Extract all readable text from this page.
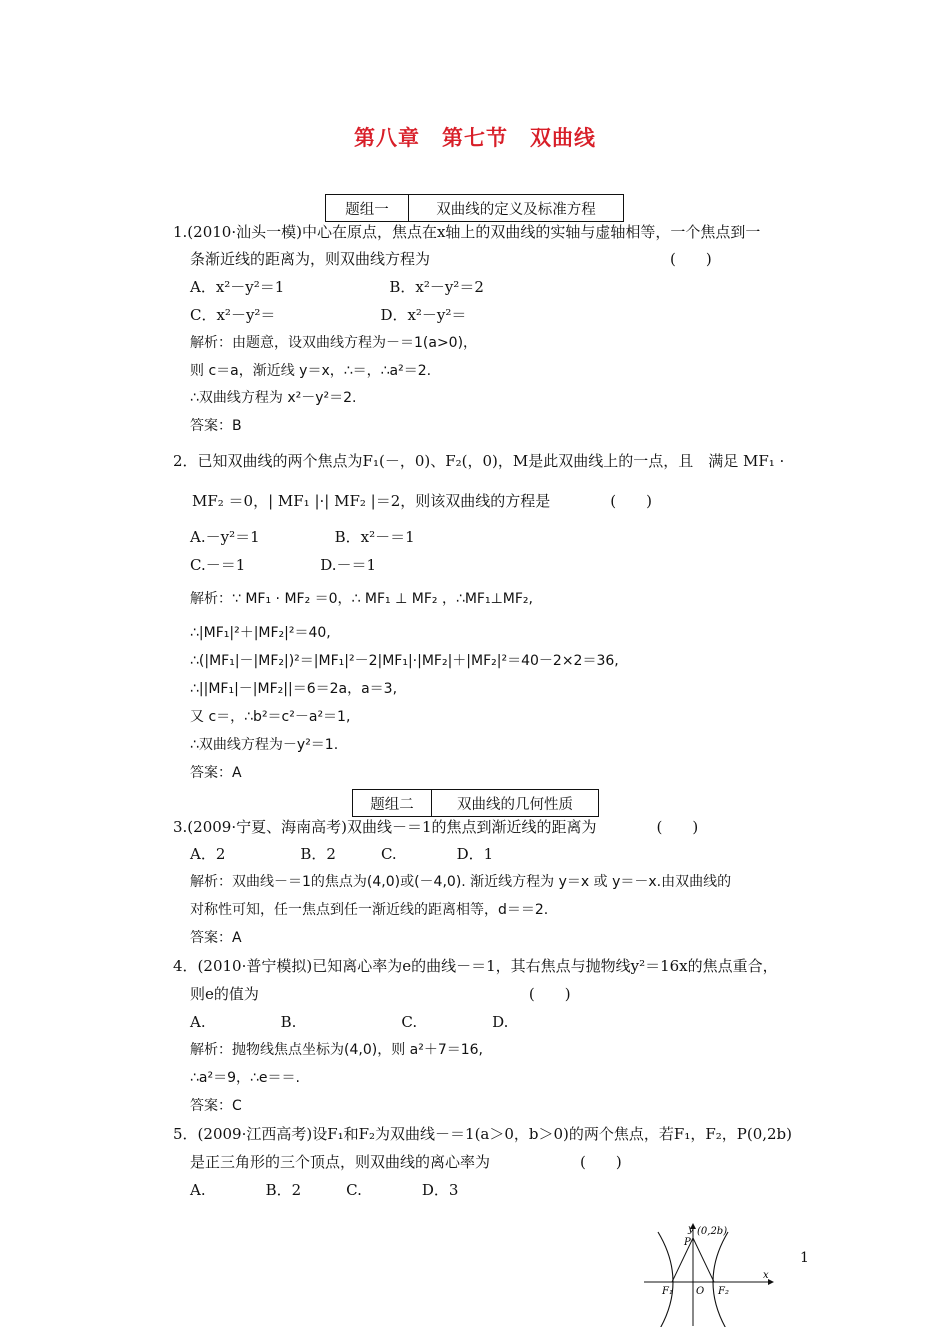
第八章　第七节　双曲线
题组一	双曲线的定义及标准方程
题组二	双曲线的几何性质
1.(2010·汕头一模)中心在原点，焦点在x轴上的双曲线的实轴与虚轴相等，一个焦点到一
条渐近线的距离为，则双曲线方程为　　　　　　　　　　　　　　　　(　　)
A．x²－y²＝1　　　　　　　B．x²－y²＝2
C．x²－y²＝　　　　　　　D．x²－y²＝
解析：由题意，设双曲线方程为－＝1(a>0)，
则 c＝a，渐近线 y＝x，∴＝，∴a²＝2.
∴双曲线方程为 x²－y²＝2.
答案：B
2．已知双曲线的两个焦点为F₁(－，0)、F₂(，0)，M是此双曲线上的一点，且　满足 MF₁ ·
MF₂ ＝0，| MF₁ |·| MF₂ |＝2，则该双曲线的方程是　　　　(　　)
A.－y²＝1　　　　　B．x²－＝1
C.－＝1　　　　　D.－＝1
解析：∵ MF₁ · MF₂ ＝0，∴ MF₁ ⊥ MF₂ ，∴MF₁⊥MF₂,
∴|MF₁|²＋|MF₂|²＝40,
∴(|MF₁|－|MF₂|)²＝|MF₁|²－2|MF₁|·|MF₂|＋|MF₂|²＝40－2×2＝36,
∴||MF₁|－|MF₂||＝6＝2a，a＝3,
又 c＝，∴b²＝c²－a²＝1,
∴双曲线方程为－y²＝1.
答案：A
3.(2009·宁夏、海南高考)双曲线－＝1的焦点到渐近线的距离为　　　　(　　)
A．2　　　　　B．2　　　C.　　　　D．1
解析：双曲线－＝1的焦点为(4,0)或(－4,0). 渐近线方程为 y＝x 或 y＝－x.由双曲线的
对称性可知，任一焦点到任一渐近线的距离相等，d＝＝2.
答案：A
4．(2010·普宁模拟)已知离心率为e的曲线－＝1，其右焦点与抛物线y²＝16x的焦点重合，
则e的值为　　　　　　　　　　　　　　　　　　(　　)
A.　　　　　B.　　　　　　　C.　　　　　D.
解析：抛物线焦点坐标为(4,0)，则 a²＋7＝16,
∴a²＝9，∴e＝＝.
答案：C
5．(2009·江西高考)设F₁和F₂为双曲线－＝1(a＞0，b＞0)的两个焦点，若F₁，F₂，P(0,2b)
是正三角形的三个顶点，则双曲线的离心率为　　　　　　(　　)
A.　　　　B．2　　　C.　　　　D．3
1
y (0,2b)
P
F₁ O F₂
x
